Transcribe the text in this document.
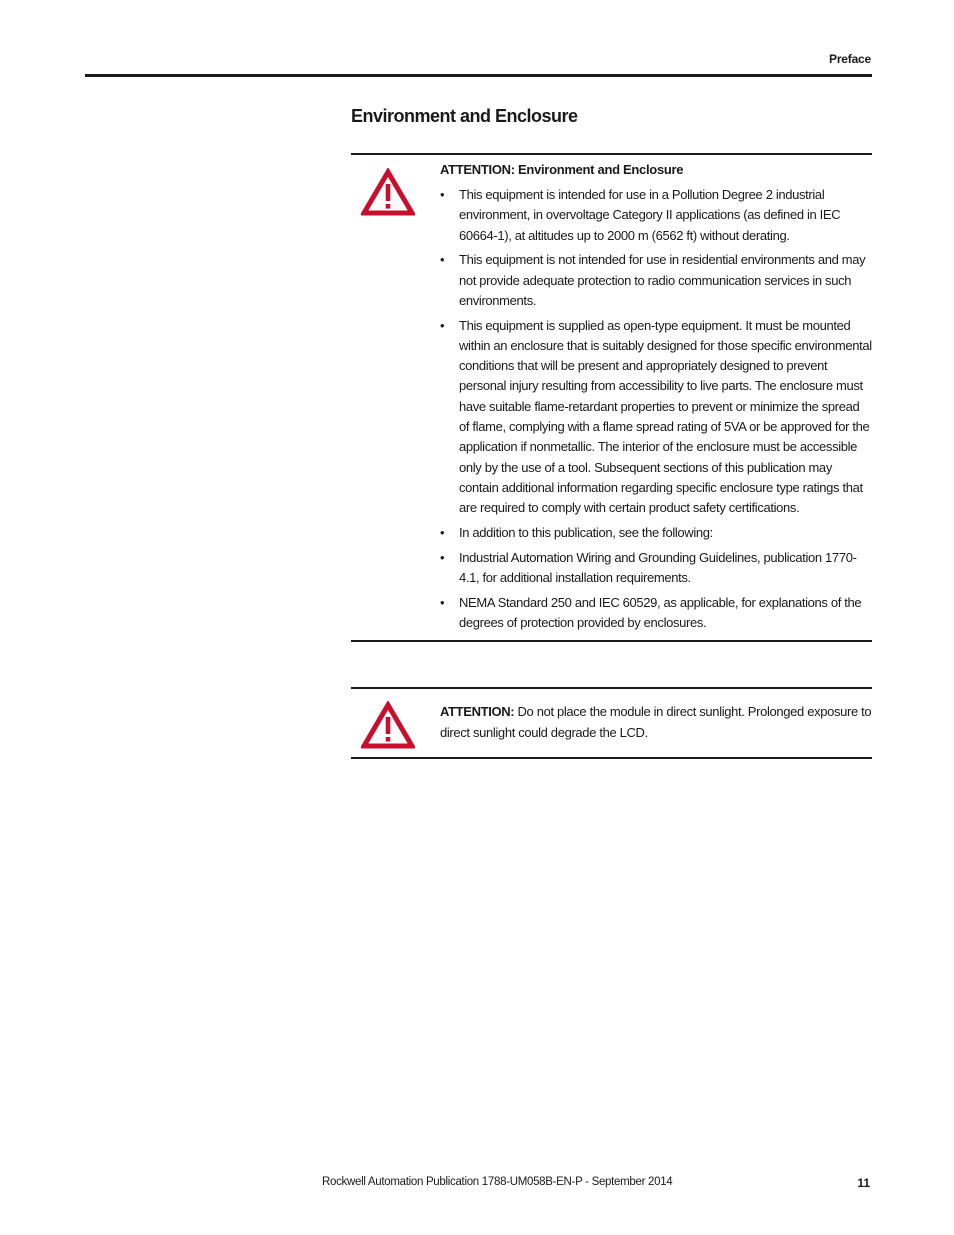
Preface
Environment and Enclosure

ATTENTION: Environment and Enclosure

• This equipment is intended for use in a Pollution Degree 2 industrial environment, in overvoltage Category II applications (as defined in IEC 60664-1), at altitudes up to 2000 m (6562 ft) without derating.
• This equipment is not intended for use in residential environments and may not provide adequate protection to radio communication services in such environments.
• This equipment is supplied as open-type equipment. It must be mounted within an enclosure that is suitably designed for those specific environmental conditions that will be present and appropriately designed to prevent personal injury resulting from accessibility to live parts. The enclosure must have suitable flame-retardant properties to prevent or minimize the spread of flame, complying with a flame spread rating of 5VA or be approved for the application if nonmetallic. The interior of the enclosure must be accessible only by the use of a tool. Subsequent sections of this publication may contain additional information regarding specific enclosure type ratings that are required to comply with certain product safety certifications.
• In addition to this publication, see the following:
• Industrial Automation Wiring and Grounding Guidelines, publication 1770-4.1, for additional installation requirements.
• NEMA Standard 250 and IEC 60529, as applicable, for explanations of the degrees of protection provided by enclosures.

ATTENTION: Do not place the module in direct sunlight. Prolonged exposure to direct sunlight could degrade the LCD.

Rockwell Automation Publication 1788-UM058B-EN-P - September 2014	11
